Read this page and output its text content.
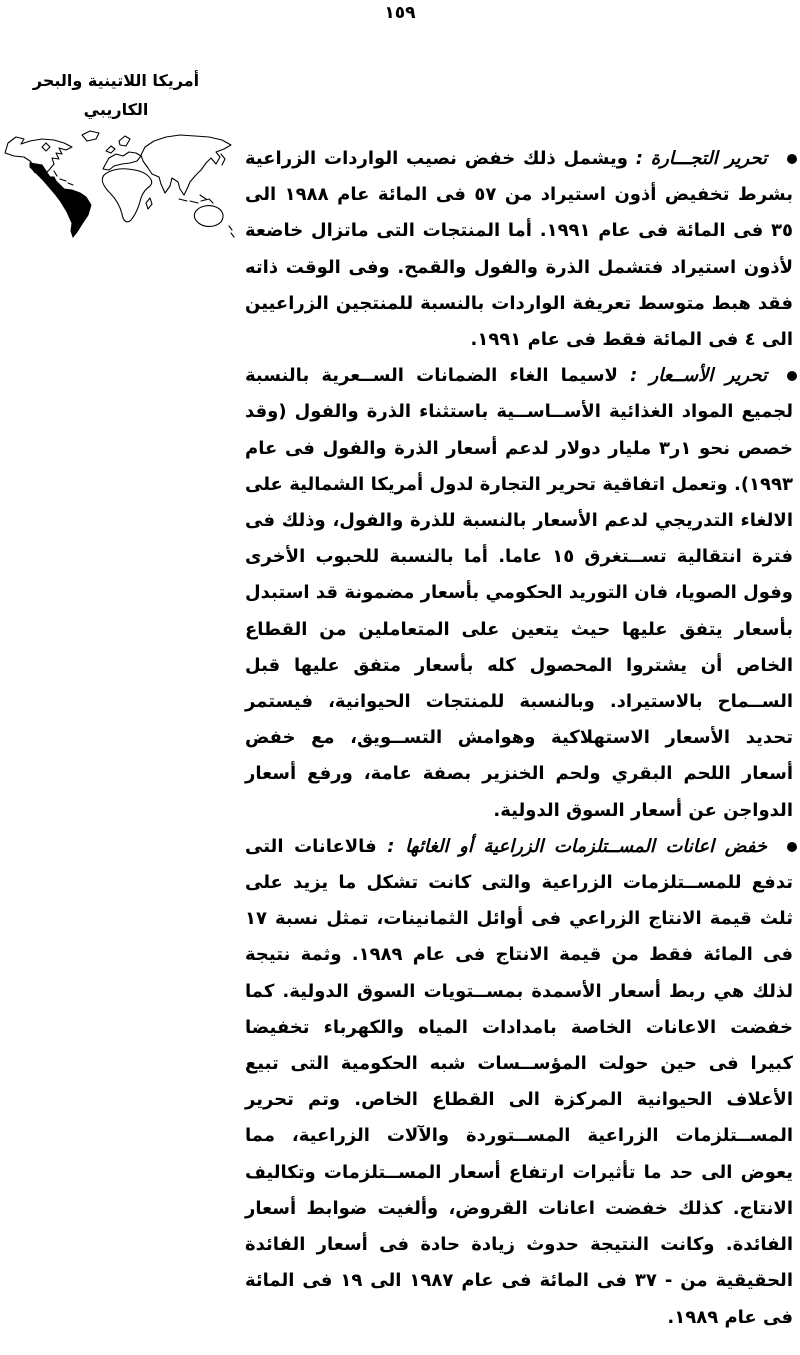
١٥٩
أمريكا اللاتينية والبحر
الكاريبي
تحرير التجـــارة : ويشمل ذلك خفض نصيب الواردات الزراعية بشرط تخفيض أذون استيراد من ٥٧ فى المائة عام ١٩٨٨ الى ٣٥ فى المائة فى عام ١٩٩١. أما المنتجات التى ماتزال خاضعة لأذون استيراد فتشمل الذرة والفول والقمح. وفى الوقت ذاته فقد هبط متوسط تعريفة الواردات بالنسبة للمنتجين الزراعيين الى ٤ فى المائة فقط فى عام ١٩٩١.
تحرير الأســعار : لاسيما الغاء الضمانات الســعرية بالنسبة لجميع المواد الغذائية الأســاســية باستثناء الذرة والفول (وقد خصص نحو ١ر٣ مليار دولار لدعم أسعار الذرة والفول فى عام ١٩٩٣). وتعمل اتفاقية تحرير التجارة لدول أمريكا الشمالية على الالغاء التدريجي لدعم الأسعار بالنسبة للذرة والفول، وذلك فى فترة انتقالية تســتغرق ١٥ عاما. أما بالنسبة للحبوب الأخرى وفول الصويا، فان التوريد الحكومي بأسعار مضمونة قد استبدل بأسعار يتفق عليها حيث يتعين على المتعاملين من القطاع الخاص أن يشتروا المحصول كله بأسعار متفق عليها قبل الســماح بالاستيراد. وبالنسبة للمنتجات الحيوانية، فيستمر تحديد الأسعار الاستهلاكية وهوامش التســويق، مع خفض أسعار اللحم البقري ولحم الخنزير بصفة عامة، ورفع أسعار الدواجن عن أسعار السوق الدولية.
خفض اعانات المســتلزمات الزراعية أو الغائها : فالاعانات التى تدفع للمســتلزمات الزراعية والتى كانت تشكل ما يزيد على ثلث قيمة الانتاج الزراعي فى أوائل الثمانينات، تمثل نسبة ١٧ فى المائة فقط من قيمة الانتاج فى عام ١٩٨٩. وثمة نتيجة لذلك هي ربط أسعار الأسمدة بمســتويات السوق الدولية. كما خفضت الاعانات الخاصة بامدادات المياه والكهرباء تخفيضا كبيرا فى حين حولت المؤســسات شبه الحكومية التى تبيع الأعلاف الحيوانية المركزة الى القطاع الخاص. وتم تحرير المســتلزمات الزراعية المســتوردة والآلات الزراعية، مما يعوض الى حد ما تأثيرات ارتفاع أسعار المســتلزمات وتكاليف الانتاج. كذلك خفضت اعانات القروض، وألغيت ضوابط أسعار الفائدة. وكانت النتيجة حدوث زيادة حادة فى أسعار الفائدة الحقيقية من - ٣٧ فى المائة فى عام ١٩٨٧ الى ١٩ فى المائة فى عام ١٩٨٩.
